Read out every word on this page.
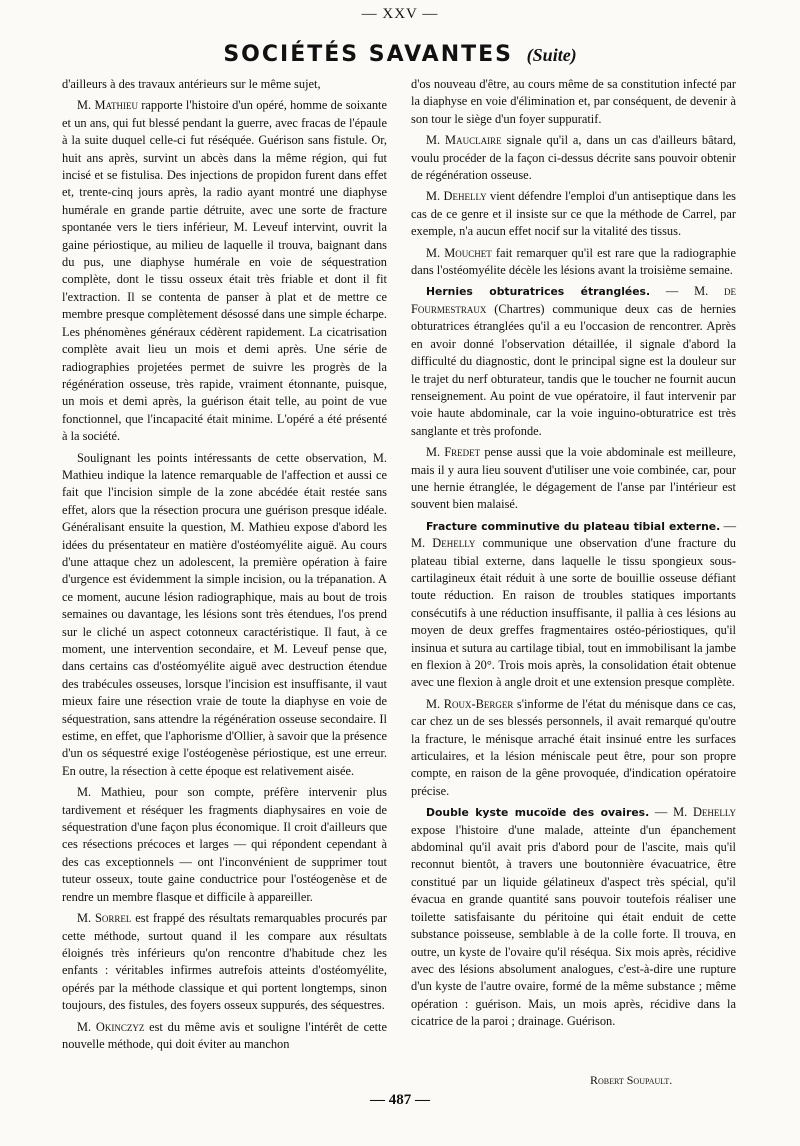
— XXV —
SOCIÉTÉS SAVANTES (Suite)

d'ailleurs à des travaux antérieurs sur le même sujet,

M. Mathieu rapporte l'histoire d'un opéré, homme de soixante et un ans, qui fut blessé pendant la guerre, avec fracas de l'épaule à la suite duquel celle-ci fut réséquée. Guérison sans fistule. Or, huit ans après, survint un abcès dans la même région, qui fut incisé et se fistulisa. Des injections de propidon furent dans effet et, trente-cinq jours après, la radio ayant montré une diaphyse humérale en grande partie détruite, avec une sorte de fracture spontanée vers le tiers inférieur, M. Leveuf intervint, ouvrit la gaine périostique, au milieu de laquelle il trouva, baignant dans du pus, une diaphyse humérale en voie de séquestration complète, dont le tissu osseux était très friable et dont il fit l'extraction. Il se contenta de panser à plat et de mettre ce membre presque complètement désossé dans une simple écharpe. Les phénomènes généraux cédèrent rapidement. La cicatrisation complète avait lieu un mois et demi après. Une série de radiographies projetées permet de suivre les progrès de la régénération osseuse, très rapide, vraiment étonnante, puisque, un mois et demi après, la guérison était telle, au point de vue fonctionnel, que l'incapacité était minime. L'opéré a été présenté à la société.

Soulignant les points intéressants de cette observation, M. Mathieu indique la latence remarquable de l'affection et aussi ce fait que l'incision simple de la zone abcédée était restée sans effet, alors que la résection procura une guérison presque idéale. Généralisant ensuite la question, M. Mathieu expose d'abord les idées du présentateur en matière d'ostéomyélite aiguë. Au cours d'une attaque chez un adolescent, la première opération à faire d'urgence est évidemment la simple incision, ou la trépanation. A ce moment, aucune lésion radiographique, mais au bout de trois semaines ou davantage, les lésions sont très étendues, l'os prend sur le cliché un aspect cotonneux caractéristique. Il faut, à ce moment, une intervention secondaire, et M. Leveuf pense que, dans certains cas d'ostéomyélite aiguë avec destruction étendue des trabécules osseuses, lorsque l'incision est insuffisante, il vaut mieux faire une résection vraie de toute la diaphyse en voie de séquestration, sans attendre la régénération osseuse secondaire. Il estime, en effet, que l'aphorisme d'Ollier, à savoir que la présence d'un os séquestré exige l'ostéogenèse périostique, est une erreur. En outre, la résection à cette époque est relativement aisée.

M. Mathieu, pour son compte, préfère intervenir plus tardivement et réséquer les fragments diaphysaires en voie de séquestration d'une façon plus économique. Il croit d'ailleurs que ces résections précoces et larges — qui répondent cependant à des cas exceptionnels — ont l'inconvénient de supprimer tout tuteur osseux, toute gaine conductrice pour l'ostéogenèse et de rendre un membre flasque et difficile à appareiller.

M. Sorrel est frappé des résultats remarquables procurés par cette méthode, surtout quand il les compare aux résultats éloignés très inférieurs qu'on rencontre d'habitude chez les enfants : véritables infirmes autrefois atteints d'ostéomyélite, opérés par la méthode classique et qui portent longtemps, sinon toujours, des fistules, des foyers osseux suppurés, des séquestres.

M. Okinczyz est du même avis et souligne l'intérêt de cette nouvelle méthode, qui doit éviter au manchon

d'os nouveau d'être, au cours même de sa constitution infecté par la diaphyse en voie d'élimination et, par conséquent, de devenir à son tour le siège d'un foyer suppuratif.

M. Mauclaire signale qu'il a, dans un cas d'ailleurs bâtard, voulu procéder de la façon ci-dessus décrite sans pouvoir obtenir de régénération osseuse.

M. Dehelly vient défendre l'emploi d'un antiseptique dans les cas de ce genre et il insiste sur ce que la méthode de Carrel, par exemple, n'a aucun effet nocif sur la vitalité des tissus.

M. Mouchet fait remarquer qu'il est rare que la radiographie dans l'ostéomyélite décèle les lésions avant la troisième semaine.

Hernies obturatrices étranglées. — M. de Fourmestraux (Chartres) communique deux cas de hernies obturatrices étranglées qu'il a eu l'occasion de rencontrer. Après en avoir donné l'observation détaillée, il signale d'abord la difficulté du diagnostic, dont le principal signe est la douleur sur le trajet du nerf obturateur, tandis que le toucher ne fournit aucun renseignement. Au point de vue opératoire, il faut intervenir par voie haute abdominale, car la voie inguino-obturatrice est très sanglante et très profonde.

M. Fredet pense aussi que la voie abdominale est meilleure, mais il y aura lieu souvent d'utiliser une voie combinée, car, pour une hernie étranglée, le dégagement de l'anse par l'intérieur est souvent bien malaisé.

Fracture comminutive du plateau tibial externe. — M. Dehelly communique une observation d'une fracture du plateau tibial externe, dans laquelle le tissu spongieux sous-cartilagineux était réduit à une sorte de bouillie osseuse défiant toute réduction. En raison de troubles statiques importants consécutifs à une réduction insuffisante, il pallia à ces lésions au moyen de deux greffes fragmentaires ostéo-périostiques, qu'il insinua et sutura au cartilage tibial, tout en immobilisant la jambe en flexion à 20°. Trois mois après, la consolidation était obtenue avec une flexion à angle droit et une extension presque complète.

M. Roux-Berger s'informe de l'état du ménisque dans ce cas, car chez un de ses blessés personnels, il avait remarqué qu'outre la fracture, le ménisque arraché était insinué entre les surfaces articulaires, et la lésion méniscale peut être, pour son propre compte, en raison de la gêne provoquée, d'indication opératoire précise.

Double kyste mucoïde des ovaires. — M. Dehelly expose l'histoire d'une malade, atteinte d'un épanchement abdominal qu'il avait pris d'abord pour de l'ascite, mais qu'il reconnut bientôt, à travers une boutonnière évacuatrice, être constitué par un liquide gélatineux d'aspect très spécial, qu'il évacua en grande quantité sans pouvoir toutefois réaliser une toilette satisfaisante du péritoine qui était enduit de cette substance poisseuse, semblable à de la colle forte. Il trouva, en outre, un kyste de l'ovaire qu'il réséqua. Six mois après, récidive avec des lésions absolument analogues, c'est-à-dire une rupture d'un kyste de l'autre ovaire, formé de la même substance ; même opération : guérison. Mais, un mois après, récidive dans la cicatrice de la paroi ; drainage. Guérison.

Robert Soupault.
— 487 —
